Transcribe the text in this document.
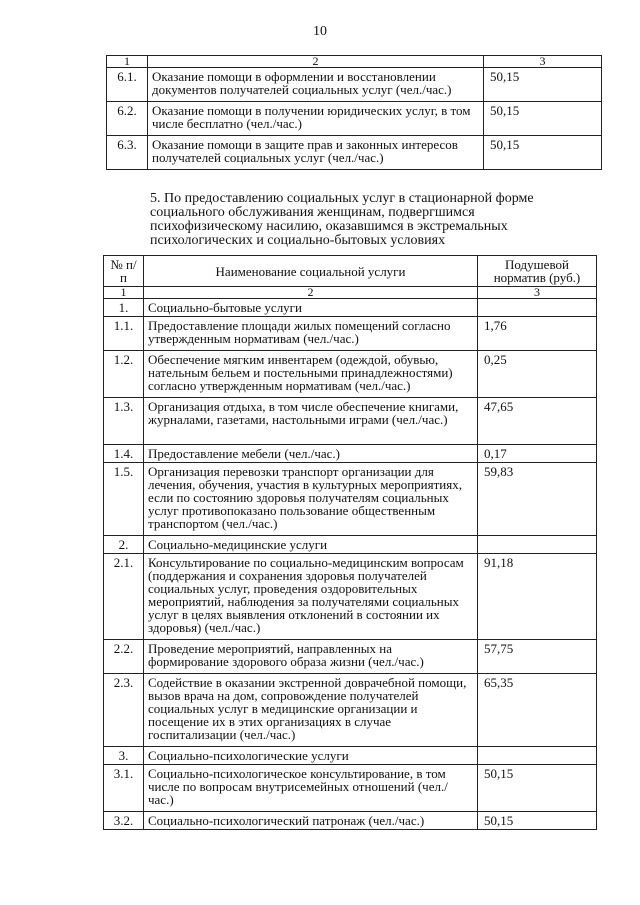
10
1	2	3
6.1.	Оказание помощи в оформлении и восстановлении документов получателей социальных услуг (чел./час.)	50,15
6.2.	Оказание помощи в получении юридических услуг, в том числе бесплатно (чел./час.)	50,15
6.3.	Оказание помощи в защите прав и законных интересов получателей социальных услуг (чел./час.)	50,15
5. По предоставлению социальных услуг в стационарной форме социального обслуживания женщинам, подвергшимся психофизическому насилию, оказавшимся в экстремальных психологических и социально-бытовых условиях
№ п/п	Наименование социальной услуги	Подушевой норматив (руб.)
1	2	3
1.	Социально-бытовые услуги	
1.1.	Предоставление площади жилых помещений согласно утвержденным нормативам (чел./час.)	1,76
1.2.	Обеспечение мягким инвентарем (одеждой, обувью, нательным бельем и постельными принадлежностями) согласно утвержденным нормативам (чел./час.)	0,25
1.3.	Организация отдыха, в том числе обеспечение книгами, журналами, газетами, настольными играми (чел./час.)	47,65
1.4.	Предоставление мебели (чел./час.)	0,17
1.5.	Организация перевозки транспорт организации для лечения, обучения, участия в культурных мероприятиях, если по состоянию здоровья получателям социальных услуг противопоказано пользование общественным транспортом (чел./час.)	59,83
2.	Социально-медицинские услуги	
2.1.	Консультирование по социально-медицинским вопросам (поддержания и сохранения здоровья получателей социальных услуг, проведения оздоровительных мероприятий, наблюдения за получателями социальных услуг в целях выявления отклонений в состоянии их здоровья) (чел./час.)	91,18
2.2.	Проведение мероприятий, направленных на формирование здорового образа жизни (чел./час.)	57,75
2.3.	Содействие в оказании экстренной доврачебной помощи, вызов врача на дом, сопровождение получателей социальных услуг в медицинские организации и посещение их в этих организациях в случае госпитализации (чел./час.)	65,35
3.	Социально-психологические услуги	
3.1.	Социально-психологическое консультирование, в том числе по вопросам внутрисемейных отношений (чел./час.)	50,15
3.2.	Социально-психологический патронаж (чел./час.)	50,15
